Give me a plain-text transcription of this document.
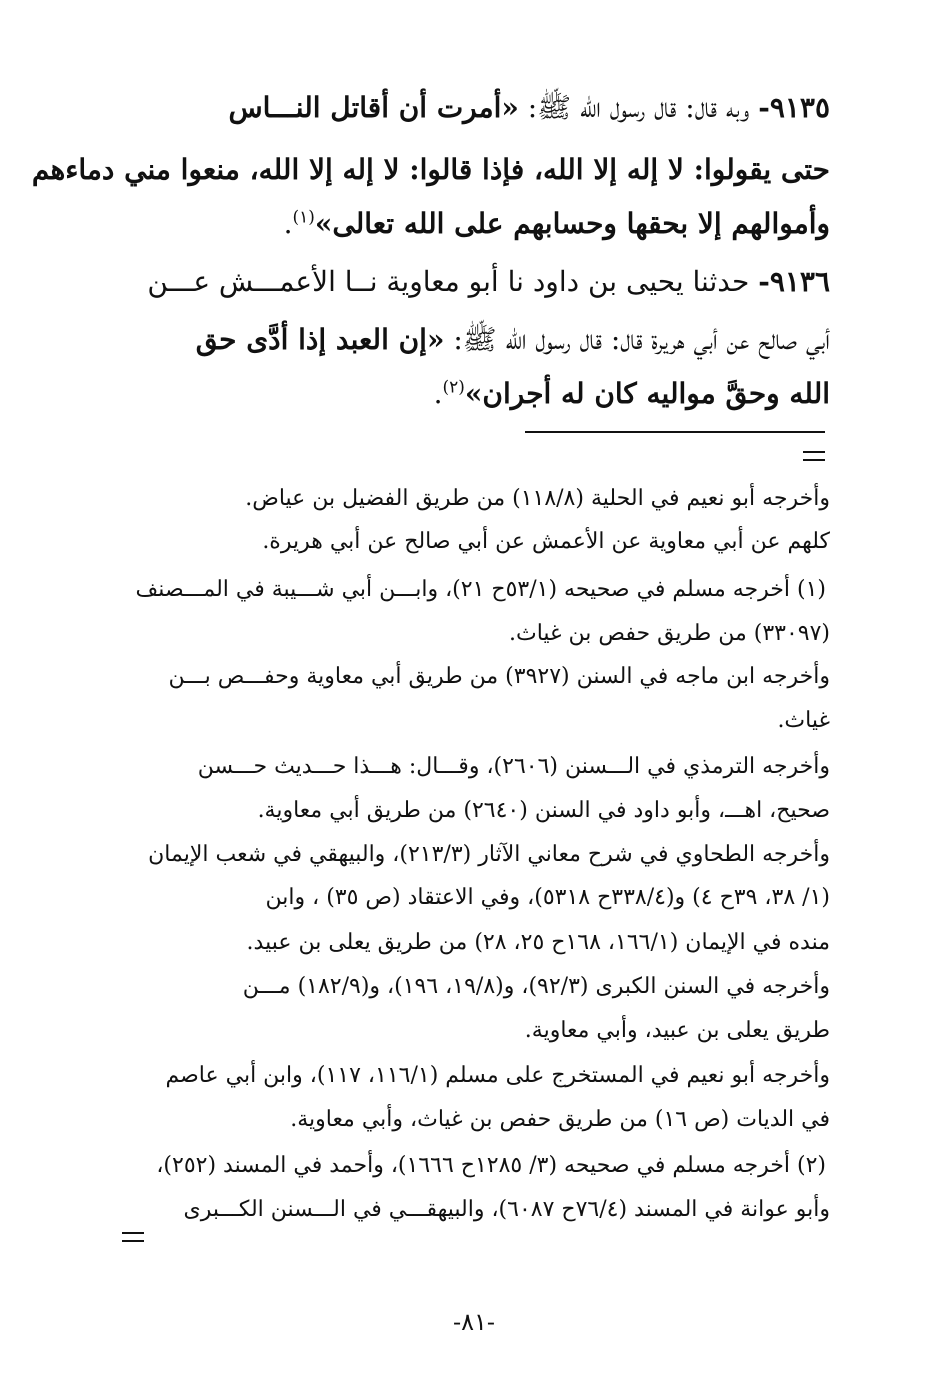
٩١٣٥- وبه قال: قال رسول الله ﷺ: «أمرت أن أقاتل النـــاس
حتى يقولوا: لا إله إلا الله، فإذا قالوا: لا إله إلا الله، منعوا مني دماءهم
وأموالهم إلا بحقها وحسابهم على الله تعالى»$^{(١)}$.
٩١٣٦- حدثنا يحيى بن داود نا أبو معاوية نــا الأعمـــش عـــن
أبي صالح عن أبي هريرة قال: قال رسول الله ﷺ: «إن العبد إذا أدَّى حق
الله وحقَّ مواليه كان له أجران»$^{(٢)}$.
وأخرجه أبو نعيم في الحلية (١١٨/٨) من طريق الفضيل بن عياض.
كلهم عن أبي معاوية عن الأعمش عن أبي صالح عن أبي هريرة.
(١) أخرجه مسلم في صحيحه (٥٣/١ح ٢١)، وابـــن أبي شـــيبة في المـــصنف
(٣٣٠٩٧) من طريق حفص بن غياث.
وأخرجه ابن ماجه في السنن (٣٩٢٧) من طريق أبي معاوية وحفـــص بـــن
غياث.
وأخرجه الترمذي في الـــسنن (٢٦٠٦)، وقـــال: هـــذا حـــديث حـــسن
صحيح، اهـــ، وأبو داود في السنن (٢٦٤٠) من طريق أبي معاوية.
وأخرجه الطحاوي في شرح معاني الآثار (٢١٣/٣)، والبيهقي في شعب الإيمان
(١/ ٣٨، ٣٩ح ٤) و(٣٣٨/٤ح ٥٣١٨)، وفي الاعتقاد (ص ٣٥) ، وابن
منده في الإيمان (١٦٦/١، ١٦٨ح ٢٥، ٢٨) من طريق يعلى بن عبيد.
وأخرجه في السنن الكبرى (٩٢/٣)، و(١٩/٨، ١٩٦)، و(١٨٢/٩) مـــن
طريق يعلى بن عبيد، وأبي معاوية.
وأخرجه أبو نعيم في المستخرج على مسلم (١١٦/١، ١١٧)، وابن أبي عاصم
في الديات (ص ١٦) من طريق حفص بن غياث، وأبي معاوية.
(٢) أخرجه مسلم في صحيحه (٣/ ١٢٨٥ح ١٦٦٦)، وأحمد في المسند (٢٥٢)،
وأبو عوانة في المسند (٧٦/٤ح ٦٠٨٧)، والبيهقـــي في الـــسنن الكـــبرى
-٨١-
